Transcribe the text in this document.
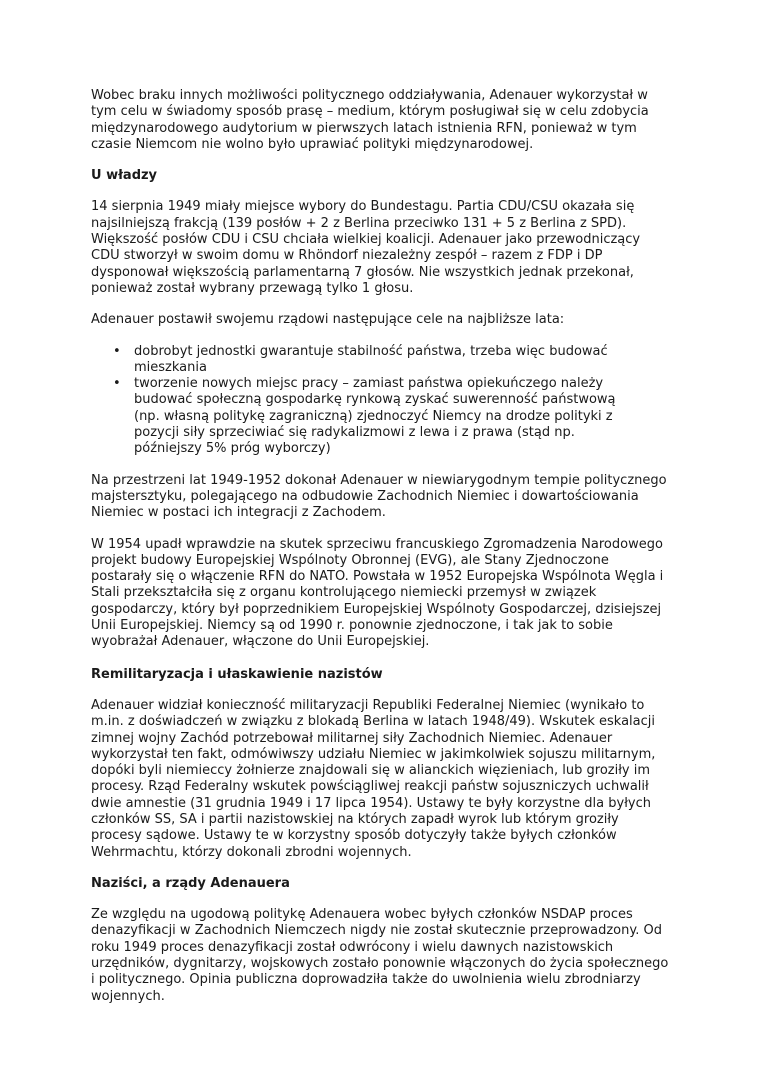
Wobec braku innych możliwości politycznego oddziaływania, Adenauer wykorzystał w tym celu w świadomy sposób prasę – medium, którym posługiwał się w celu zdobycia międzynarodowego audytorium w pierwszych latach istnienia RFN, ponieważ w tym czasie Niemcom nie wolno było uprawiać polityki międzynarodowej.

U władzy

14 sierpnia 1949 miały miejsce wybory do Bundestagu. Partia CDU/CSU okazała się najsilniejszą frakcją (139 posłów + 2 z Berlina przeciwko 131 + 5 z Berlina z SPD). Większość posłów CDU i CSU chciała wielkiej koalicji. Adenauer jako przewodniczący CDU stworzył w swoim domu w Rhöndorf niezależny zespół – razem z FDP i DP dysponował większością parlamentarną 7 głosów. Nie wszystkich jednak przekonał, ponieważ został wybrany przewagą tylko 1 głosu.

Adenauer postawił swojemu rządowi następujące cele na najbliższe lata:

• dobrobyt jednostki gwarantuje stabilność państwa, trzeba więc budować mieszkania
• tworzenie nowych miejsc pracy – zamiast państwa opiekuńczego należy budować społeczną gospodarkę rynkową zyskać suwerenność państwową (np. własną politykę zagraniczną) zjednoczyć Niemcy na drodze polityki z pozycji siły sprzeciwiać się radykalizmowi z lewa i z prawa (stąd np. późniejszy 5% próg wyborczy)

Na przestrzeni lat 1949-1952 dokonał Adenauer w niewiarygodnym tempie politycznego majstersztyku, polegającego na odbudowie Zachodnich Niemiec i dowartościowania Niemiec w postaci ich integracji z Zachodem.

W 1954 upadł wprawdzie na skutek sprzeciwu francuskiego Zgromadzenia Narodowego projekt budowy Europejskiej Wspólnoty Obronnej (EVG), ale Stany Zjednoczone postarały się o włączenie RFN do NATO. Powstała w 1952 Europejska Wspólnota Węgla i Stali przekształciła się z organu kontrolującego niemiecki przemysł w związek gospodarczy, który był poprzednikiem Europejskiej Wspólnoty Gospodarczej, dzisiejszej Unii Europejskiej. Niemcy są od 1990 r. ponownie zjednoczone, i tak jak to sobie wyobrażał Adenauer, włączone do Unii Europejskiej.

Remilitaryzacja i ułaskawienie nazistów

Adenauer widział konieczność militaryzacji Republiki Federalnej Niemiec (wynikało to m.in. z doświadczeń w związku z blokadą Berlina w latach 1948/49). Wskutek eskalacji zimnej wojny Zachód potrzebował militarnej siły Zachodnich Niemiec. Adenauer wykorzystał ten fakt, odmówiwszy udziału Niemiec w jakimkolwiek sojuszu militarnym, dopóki byli niemieccy żołnierze znajdowali się w alianckich więzieniach, lub groziły im procesy. Rząd Federalny wskutek powściągliwej reakcji państw sojuszniczych uchwalił dwie amnestie (31 grudnia 1949 i 17 lipca 1954). Ustawy te były korzystne dla byłych członków SS, SA i partii nazistowskiej na których zapadł wyrok lub którym groziły procesy sądowe. Ustawy te w korzystny sposób dotyczyły także byłych członków Wehrmachtu, którzy dokonali zbrodni wojennych.

Naziści, a rządy Adenauera

Ze względu na ugodową politykę Adenauera wobec byłych członków NSDAP proces denazyfikacji w Zachodnich Niemczech nigdy nie został skutecznie przeprowadzony. Od roku 1949 proces denazyfikacji został odwrócony i wielu dawnych nazistowskich urzędników, dygnitarzy, wojskowych zostało ponownie włączonych do życia społecznego i politycznego. Opinia publiczna doprowadziła także do uwolnienia wielu zbrodniarzy wojennych.
